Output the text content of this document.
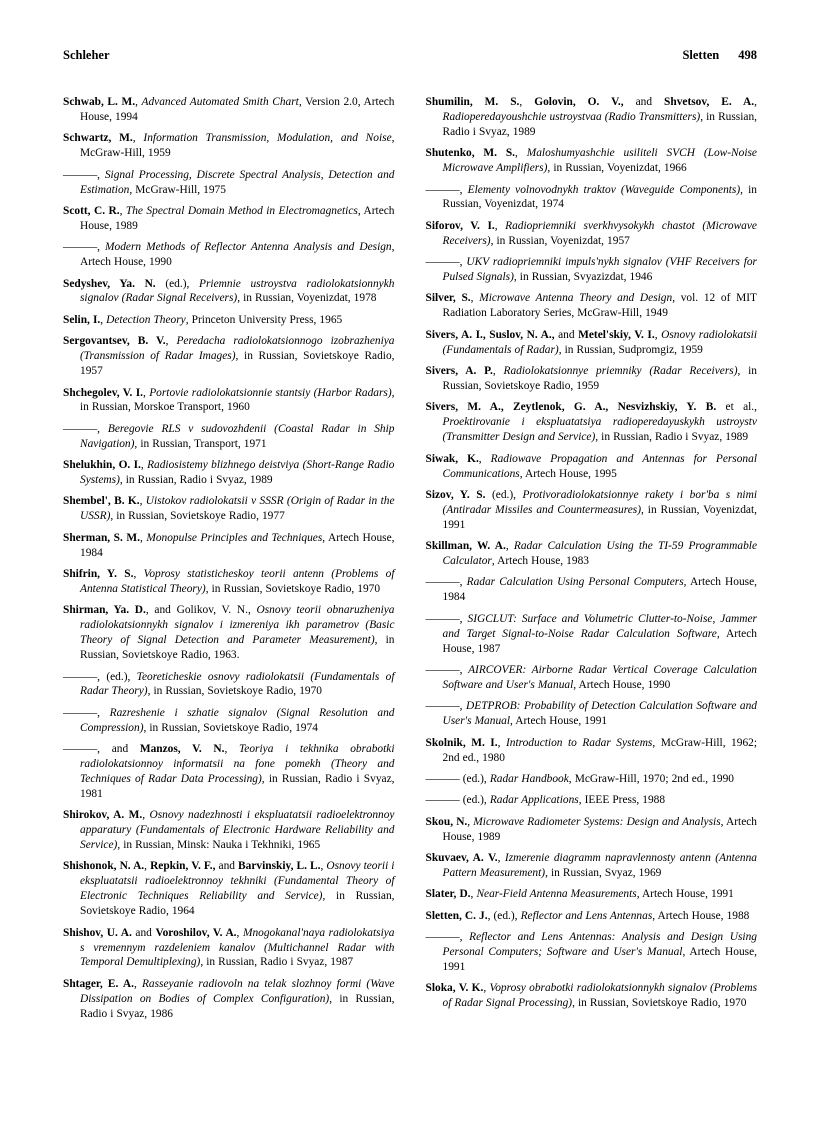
Schleher	Sletten 498

Schwab, L. M., Advanced Automated Smith Chart, Version 2.0, Artech House, 1994

Schwartz, M., Information Transmission, Modulation, and Noise, McGraw-Hill, 1959

———, Signal Processing, Discrete Spectral Analysis, Detection and Estimation, McGraw-Hill, 1975

Scott, C. R., The Spectral Domain Method in Electromagnetics, Artech House, 1989

———, Modern Methods of Reflector Antenna Analysis and Design, Artech House, 1990

Sedyshev, Ya. N. (ed.), Priemnie ustroystva radiolokatsionnykh signalov (Radar Signal Receivers), in Russian, Voyenizdat, 1978

Selin, I., Detection Theory, Princeton University Press, 1965

Sergovantsev, B. V., Peredacha radiolokatsionnogo izobrazheniya (Transmission of Radar Images), in Russian, Sovietskoye Radio, 1957

Shchegolev, V. I., Portovie radiolokatsionnie stantsiy (Harbor Radars), in Russian, Morskoe Transport, 1960

———, Beregovie RLS v sudovozhdenii (Coastal Radar in Ship Navigation), in Russian, Transport, 1971

Shelukhin, O. I., Radiosistemy blizhnego deistviya (Short-Range Radio Systems), in Russian, Radio i Svyaz, 1989

Shembel', B. K., Uistokov radiolokatsii v SSSR (Origin of Radar in the USSR), in Russian, Sovietskoye Radio, 1977

Sherman, S. M., Monopulse Principles and Techniques, Artech House, 1984

Shifrin, Y. S., Voprosy statisticheskoy teorii antenn (Problems of Antenna Statistical Theory), in Russian, Sovietskoye Radio, 1970

Shirman, Ya. D., and Golikov, V. N., Osnovy teorii obnaruzheniya radiolokatsionnykh signalov i izmereniya ikh parametrov (Basic Theory of Signal Detection and Parameter Measurement), in Russian, Sovietskoye Radio, 1963.

———, (ed.), Teoreticheskie osnovy radiolokatsii (Fundamentals of Radar Theory), in Russian, Sovietskoye Radio, 1970

———, Razreshenie i szhatie signalov (Signal Resolution and Compression), in Russian, Sovietskoye Radio, 1974

———, and Manzos, V. N., Teoriya i tekhnika obrabotki radiolokatsionnoy informatsii na fone pomekh (Theory and Techniques of Radar Data Processing), in Russian, Radio i Svyaz, 1981

Shirokov, A. M., Osnovy nadezhnosti i ekspluatatsii radioelektronnoy apparatury (Fundamentals of Electronic Hardware Reliability and Service), in Russian, Minsk: Nauka i Tekhniki, 1965

Shishonok, N. A., Repkin, V. F., and Barvinskiy, L. L., Osnovy teorii i ekspluatatsii radioelektronnoy tekhniki (Fundamental Theory of Electronic Techniques Reliability and Service), in Russian, Sovietskoye Radio, 1964

Shishov, U. A. and Voroshilov, V. A., Mnogokanal'naya radiolokatsiya s vremennym razdeleniem kanalov (Multichannel Radar with Temporal Demultiplexing), in Russian, Radio i Svyaz, 1987

Shtager, E. A., Rasseyanie radiovoln na telak slozhnoy formi (Wave Dissipation on Bodies of Complex Configuration), in Russian, Radio i Svyaz, 1986

Shumilin, M. S., Golovin, O. V., and Shvetsov, E. A., Radioperedayoushchie ustroystvaa (Radio Transmitters), in Russian, Radio i Svyaz, 1989

Shutenko, M. S., Maloshumyashchie usiliteli SVCH (Low-Noise Microwave Amplifiers), in Russian, Voyenizdat, 1966

———, Elementy volnovodnykh traktov (Waveguide Components), in Russian, Voyenizdat, 1974

Siforov, V. I., Radiopriemniki sverkhvysokykh chastot (Microwave Receivers), in Russian, Voyenizdat, 1957

———, UKV radiopriemniki impuls'nykh signalov (VHF Receivers for Pulsed Signals), in Russian, Svyazizdat, 1946

Silver, S., Microwave Antenna Theory and Design, vol. 12 of MIT Radiation Laboratory Series, McGraw-Hill, 1949

Sivers, A. I., Suslov, N. A., and Metel'skiy, V. I., Osnovy radiolokatsii (Fundamentals of Radar), in Russian, Sudpromgiz, 1959

Sivers, A. P., Radiolokatsionnye priemniky (Radar Receivers), in Russian, Sovietskoye Radio, 1959

Sivers, M. A., Zeytlenok, G. A., Nesvizhskiy, Y. B. et al., Proektirovanie i ekspluatatsiya radioperedayuskykh ustroystv (Transmitter Design and Service), in Russian, Radio i Svyaz, 1989

Siwak, K., Radiowave Propagation and Antennas for Personal Communications, Artech House, 1995

Sizov, Y. S. (ed.), Protivoradiolokatsionnye rakety i bor'ba s nimi (Antiradar Missiles and Countermeasures), in Russian, Voyenizdat, 1991

Skillman, W. A., Radar Calculation Using the TI-59 Programmable Calculator, Artech House, 1983

———, Radar Calculation Using Personal Computers, Artech House, 1984

———, SIGCLUT: Surface and Volumetric Clutter-to-Noise, Jammer and Target Signal-to-Noise Radar Calculation Software, Artech House, 1987

———, AIRCOVER: Airborne Radar Vertical Coverage Calculation Software and User's Manual, Artech House, 1990

———, DETPROB: Probability of Detection Calculation Software and User's Manual, Artech House, 1991

Skolnik, M. I., Introduction to Radar Systems, McGraw-Hill, 1962; 2nd ed., 1980

——— (ed.), Radar Handbook, McGraw-Hill, 1970; 2nd ed., 1990

——— (ed.), Radar Applications, IEEE Press, 1988

Skou, N., Microwave Radiometer Systems: Design and Analysis, Artech House, 1989

Skuvaev, A. V., Izmerenie diagramm napravlennosty antenn (Antenna Pattern Measurement), in Russian, Svyaz, 1969

Slater, D., Near-Field Antenna Measurements, Artech House, 1991

Sletten, C. J., (ed.), Reflector and Lens Antennas, Artech House, 1988

———, Reflector and Lens Antennas: Analysis and Design Using Personal Computers; Software and User's Manual, Artech House, 1991

Sloka, V. K., Voprosy obrabotki radiolokatsionnykh signalov (Problems of Radar Signal Processing), in Russian, Sovietskoye Radio, 1970
